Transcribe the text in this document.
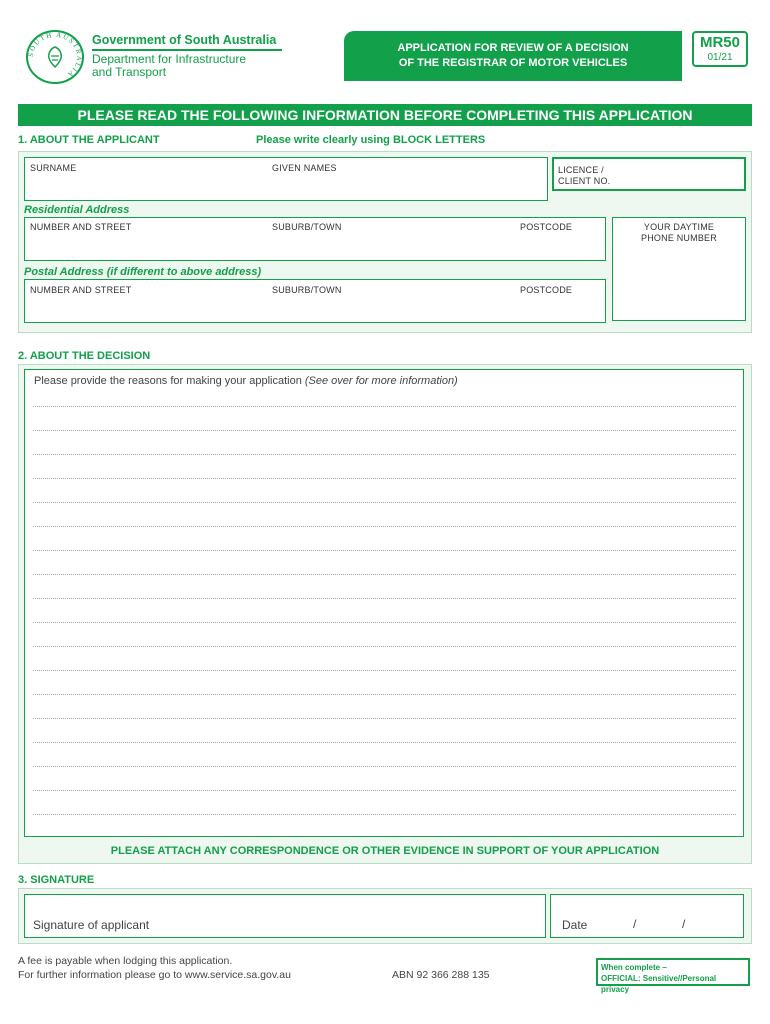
SOUTH AUSTRALIA
Government of South Australia
Department for Infrastructure
and Transport
APPLICATION FOR REVIEW OF A DECISION
OF THE REGISTRAR OF MOTOR VEHICLES
MR50
01/21
PLEASE READ THE FOLLOWING INFORMATION BEFORE COMPLETING THIS APPLICATION
1. ABOUT THE APPLICANT	Please write clearly using BLOCK LETTERS
SURNAME	GIVEN NAMES	LICENCE /
CLIENT NO.
Residential Address
NUMBER AND STREET	SUBURB/TOWN	POSTCODE	YOUR DAYTIME
PHONE NUMBER
Postal Address (if different to above address)
NUMBER AND STREET	SUBURB/TOWN	POSTCODE
2. ABOUT THE DECISION
Please provide the reasons for making your application (See over for more information)
PLEASE ATTACH ANY CORRESPONDENCE OR OTHER EVIDENCE IN SUPPORT OF YOUR APPLICATION
3. SIGNATURE
Signature of applicant	Date	/	/
A fee is payable when lodging this application.
For further information please go to www.service.sa.gov.au	ABN 92 366 288 135
When complete –
OFFICIAL: Sensitive//Personal privacy
